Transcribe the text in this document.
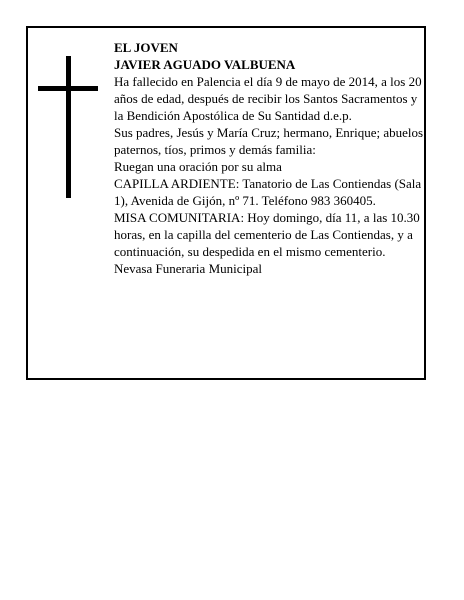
EL JOVEN

JAVIER AGUADO VALBUENA

Ha fallecido en Palencia el día 9 de mayo de 2014, a los 20 años de edad, después de recibir los Santos Sacramentos y la Bendición Apostólica de Su Santidad d.e.p.

Sus padres, Jesús y María Cruz; hermano, Enrique; abuelos paternos, tíos, primos y demás familia:

Ruegan una oración por su alma

CAPILLA ARDIENTE: Tanatorio de Las Contiendas (Sala 1), Avenida de Gijón, nº 71. Teléfono 983 360405.

MISA COMUNITARIA: Hoy domingo, día 11, a las 10.30 horas, en la capilla del cementerio de Las Contiendas, y a continuación, su despedida en el mismo cementerio.

Nevasa Funeraria Municipal
